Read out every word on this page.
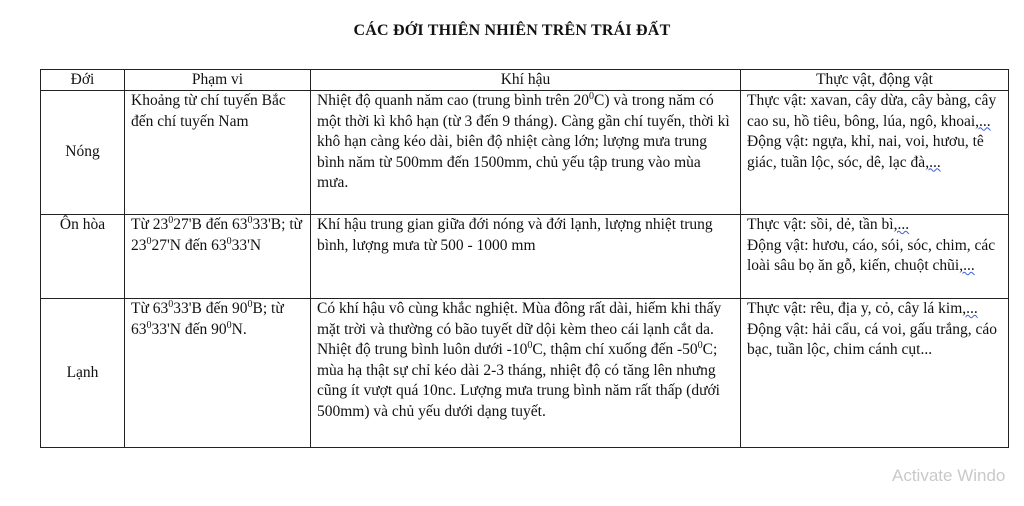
CÁC ĐỚI THIÊN NHIÊN TRÊN TRÁI ĐẤT
Đới	Phạm vi	Khí hậu	Thực vật, động vật
Nóng	Khoảng từ chí tuyến Bắc đến chí tuyến Nam	Nhiệt độ quanh năm cao (trung bình trên $20^0C$) và trong năm có một thời kì khô hạn (từ 3 đến 9 tháng). Càng gần chí tuyến, thời kì khô hạn càng kéo dài, biên độ nhiệt càng lớn; lượng mưa trung bình năm từ 500mm đến 1500mm, chủ yếu tập trung vào mùa mưa.	Thực vật: xavan, cây dừa, cây bàng, cây cao su, hồ tiêu, bông, lúa, ngô, khoai,...
Động vật: ngựa, khỉ, nai, voi, hươu, tê giác, tuần lộc, sóc, dê, lạc đà,...

Ôn hòa	Từ $23^027'B$ đến $63^033'B$; từ $23^027'N$ đến $63^033'N$	Khí hậu trung gian giữa đới nóng và đới lạnh, lượng nhiệt trung bình, lượng mưa từ 500 - 1000 mm	Thực vật: sồi, dẻ, tần bì,...
Động vật: hươu, cáo, sói, sóc, chim, các loài sâu bọ ăn gỗ, kiến, chuột chũi,...

Lạnh	Từ $63^033'B$ đến $90^0B$; từ $63^033'N$ đến $90^0N$.	Có khí hậu vô cùng khắc nghiệt. Mùa đông rất dài, hiếm khi thấy mặt trời và thường có bão tuyết dữ dội kèm theo cái lạnh cắt da. Nhiệt độ trung bình luôn dưới $-10^0C$, thậm chí xuống đến $-50^0C$; mùa hạ thật sự chỉ kéo dài 2-3 tháng, nhiệt độ có tăng lên nhưng cũng ít vượt quá 10nc. Lượng mưa trung bình năm rất thấp (dưới 500mm) và chủ yếu dưới dạng tuyết.	Thực vật: rêu, địa y, cỏ, cây lá kim,...
Động vật: hải cẩu, cá voi, gấu trắng, cáo bạc, tuần lộc, chim cánh cụt...
Activate Windo
